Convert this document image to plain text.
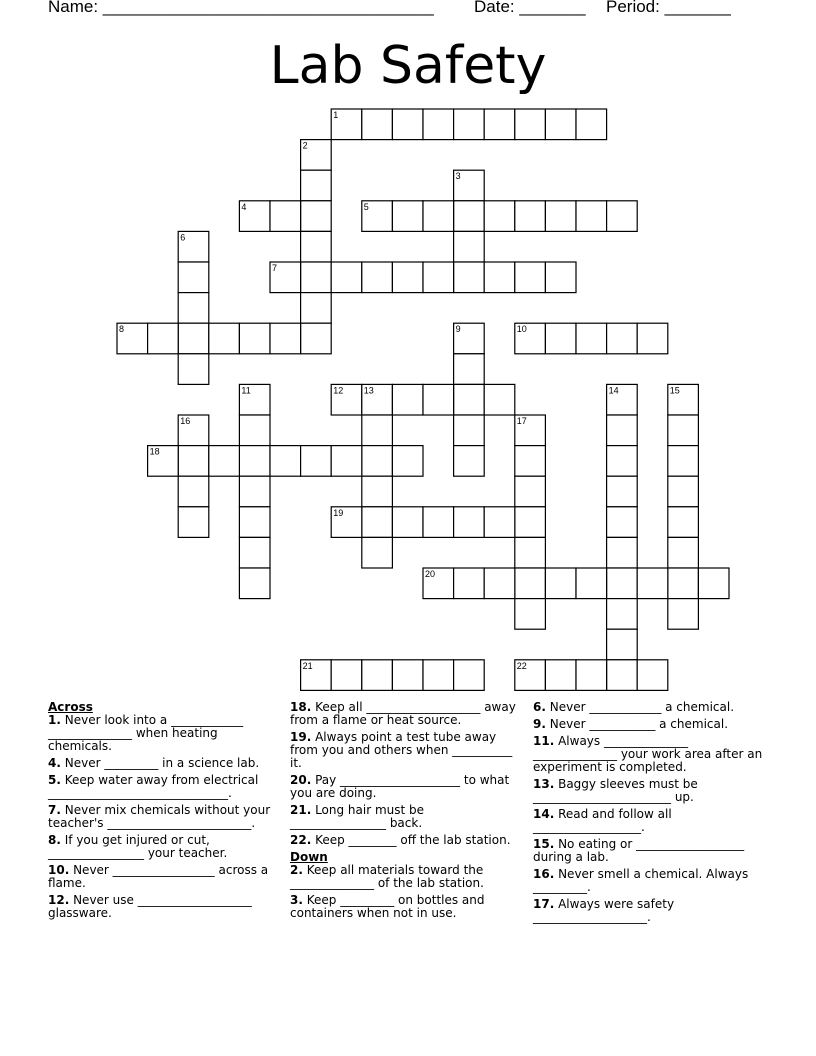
Name: ___________________________________ Date: _______ Period: _______
Lab Safety
1
2
3
4	5
6
7
8	9	10
11	12 13	14	15
16	17
18
19
20
21	22
Across
1. Never look into a ____________ ______________ when heating chemicals.
4. Never _________ in a science lab.
5. Keep water away from electrical ______________________________.
7. Never mix chemicals without your teacher's ________________________.
8. If you get injured or cut, ________________ your teacher.
10. Never _________________ across a flame.
12. Never use ___________________ glassware.
18. Keep all ___________________ away from a flame or heat source.
19. Always point a test tube away from you and others when __________ it.
20. Pay ____________________ to what you are doing.
21. Long hair must be ________________ back.
22. Keep ________ off the lab station.
Down
2. Keep all materials toward the ______________ of the lab station.
3. Keep _________ on bottles and containers when not in use.
6. Never ____________ a chemical.
9. Never ___________ a chemical.
11. Always ______________ ______________ your work area after an experiment is completed.
13. Baggy sleeves must be _______________________ up.
14. Read and follow all __________________.
15. No eating or __________________ during a lab.
16. Never smell a chemical. Always _________.
17. Always were safety ___________________.
